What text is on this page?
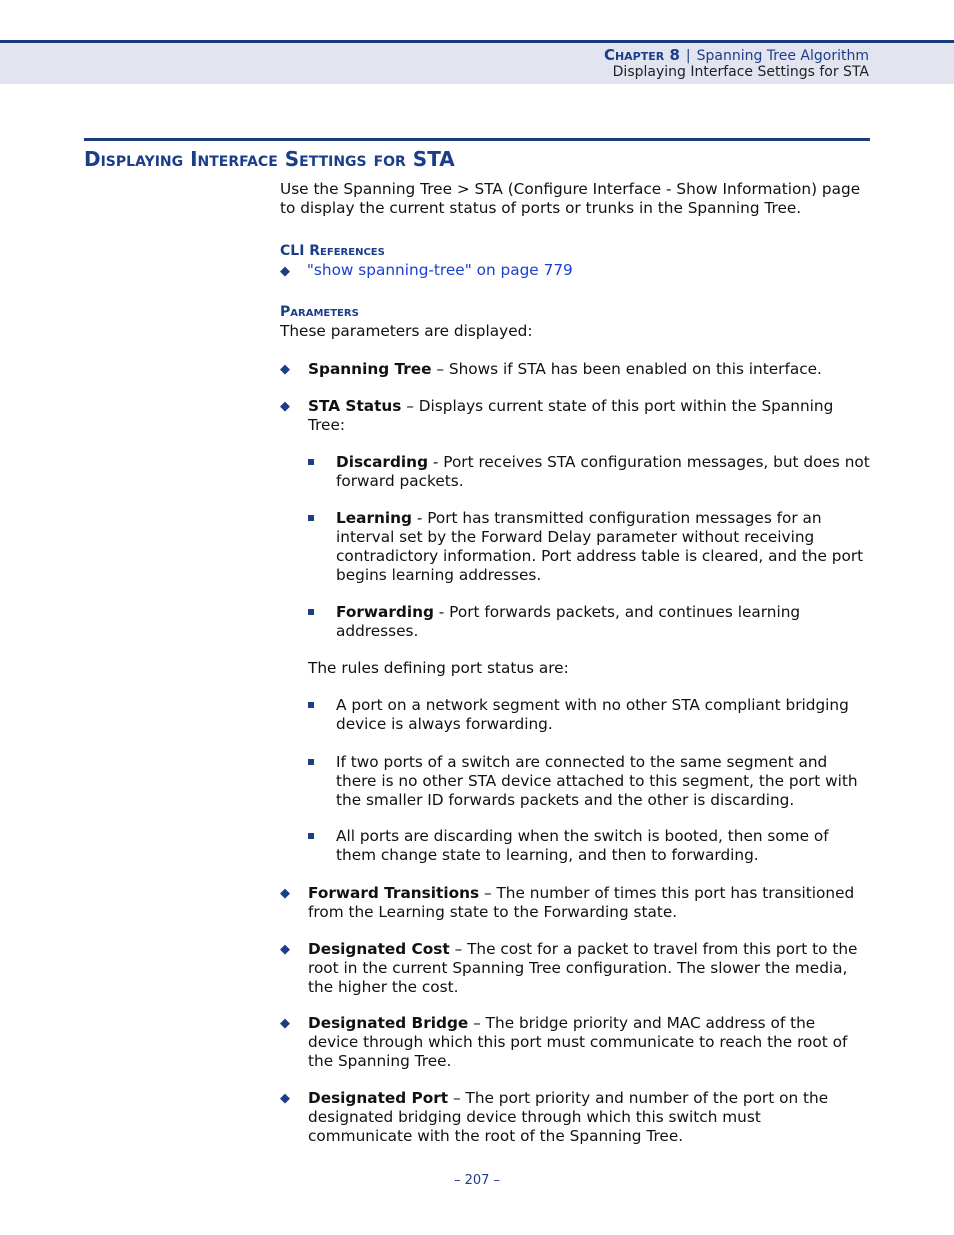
Chapter 8 | Spanning Tree Algorithm
Displaying Interface Settings for STA
Displaying Interface Settings for STA

Use the Spanning Tree > STA (Configure Interface - Show Information) page to display the current status of ports or trunks in the Spanning Tree.

CLI References
◆ "show spanning-tree" on page 779
Parameters

These parameters are displayed:

◆ Spanning Tree – Shows if STA has been enabled on this interface.
◆ STA Status – Displays current state of this port within the Spanning Tree:
Discarding - Port receives STA configuration messages, but does not forward packets.
Learning - Port has transmitted configuration messages for an interval set by the Forward Delay parameter without receiving contradictory information. Port address table is cleared, and the port begins learning addresses.
Forwarding - Port forwards packets, and continues learning addresses.

The rules defining port status are:

A port on a network segment with no other STA compliant bridging device is always forwarding.
If two ports of a switch are connected to the same segment and there is no other STA device attached to this segment, the port with the smaller ID forwards packets and the other is discarding.
All ports are discarding when the switch is booted, then some of them change state to learning, and then to forwarding.
◆ Forward Transitions – The number of times this port has transitioned from the Learning state to the Forwarding state.
◆ Designated Cost – The cost for a packet to travel from this port to the root in the current Spanning Tree configuration. The slower the media, the higher the cost.
◆ Designated Bridge – The bridge priority and MAC address of the device through which this port must communicate to reach the root of the Spanning Tree.
◆ Designated Port – The port priority and number of the port on the designated bridging device through which this switch must communicate with the root of the Spanning Tree.
– 207 –
